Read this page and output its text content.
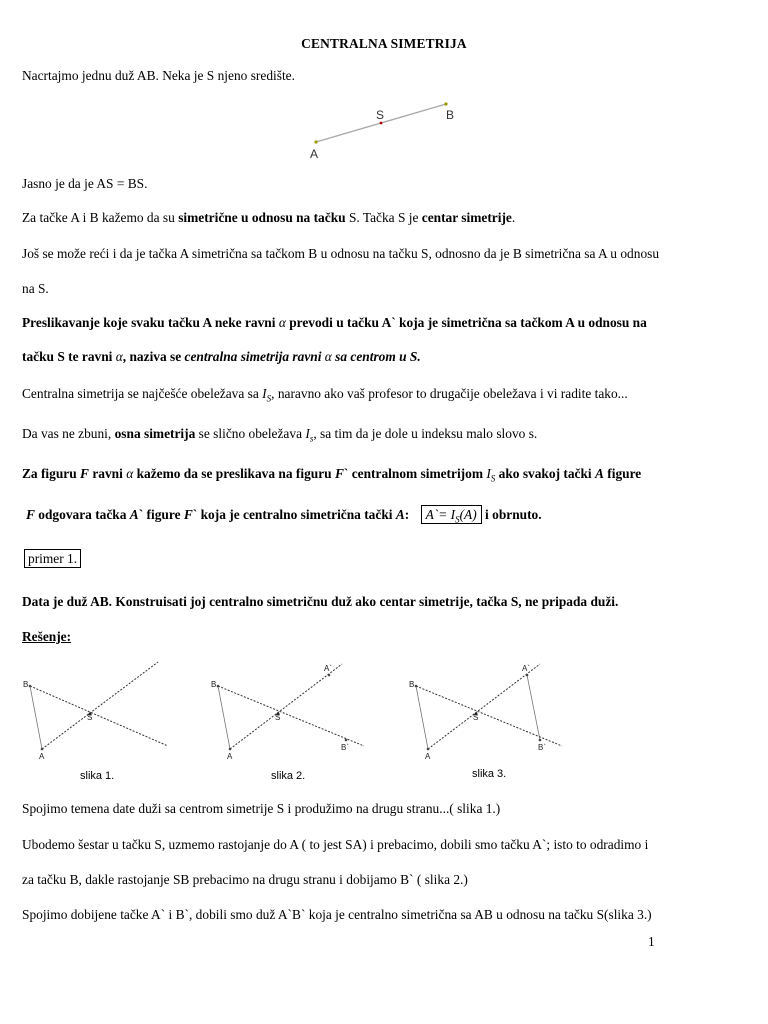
CENTRALNA SIMETRIJA
Nacrtajmo jednu duž AB. Neka je S njeno središte.
A
S	B
Jasno je da je AS = BS.
Za tačke A i B kažemo da su simetrične u odnosu na tačku S. Tačka S je centar simetrije.
Još se može reći i da je tačka A simetrična sa tačkom B u odnosu na tačku S, odnosno da je B simetrična sa A u odnosu
na S.
Preslikavanje koje svaku tačku A neke ravni α prevodi u tačku A` koja je simetrična sa tačkom A u odnosu na
tačku S te ravni α, naziva se centralna simetrija ravni α sa centrom u S.
Centralna simetrija se najčešće obeležava sa $I_S$, naravno ako vaš profesor to drugačije obeležava i vi radite tako...
Da vas ne zbuni, osna simetrija se slično obeležava $I_s$, sa tim da je dole u indeksu malo slovo s.
Za figuru F ravni α kažemo da se preslikava na figuru F` centralnom simetrijom $I_S$ ako svakoj tački A figure
F odgovara tačka A` figure F` koja je centralno simetrična tački A: A`= $I_S(A)$ i obrnuto.
primer 1.
Data je duž AB. Konstruisati joj centralno simetričnu duž ako centar simetrije, tačka S, ne pripada duži.
Rešenje:
B
A
S
slika 1.
B
A
S
A`
B`
slika 2.
B
A
S
A`
B`
slika 3.
Spojimo temena date duži sa centrom simetrije S i produžimo na drugu stranu...( slika 1.)
Ubodemo šestar u tačku S, uzmemo rastojanje do A ( to jest SA) i prebacimo, dobili smo tačku A`; isto to odradimo i
za tačku B, dakle rastojanje SB prebacimo na drugu stranu i dobijamo B` ( slika 2.)
Spojimo dobijene tačke A` i B`, dobili smo duž A`B` koja je centralno simetrična sa AB u odnosu na tačku S(slika 3.)
1
